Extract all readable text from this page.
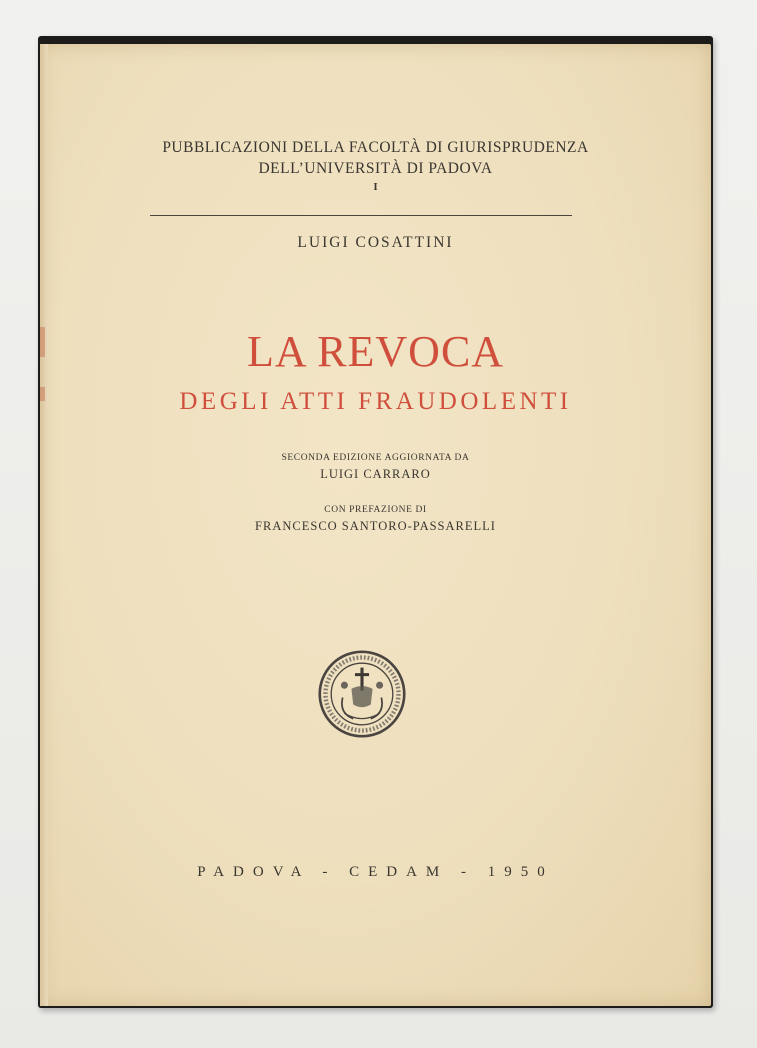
PUBBLICAZIONI DELLA FACOLTÀ DI GIURISPRUDENZA
DELL’UNIVERSITÀ DI PADOVA
I
LUIGI COSATTINI
LA REVOCA
DEGLI ATTI FRAUDOLENTI
SECONDA EDIZIONE AGGIORNATA DA
LUIGI CARRARO
CON PREFAZIONE DI
FRANCESCO SANTORO-PASSARELLI
PADOVA - CEDAM - 1950
